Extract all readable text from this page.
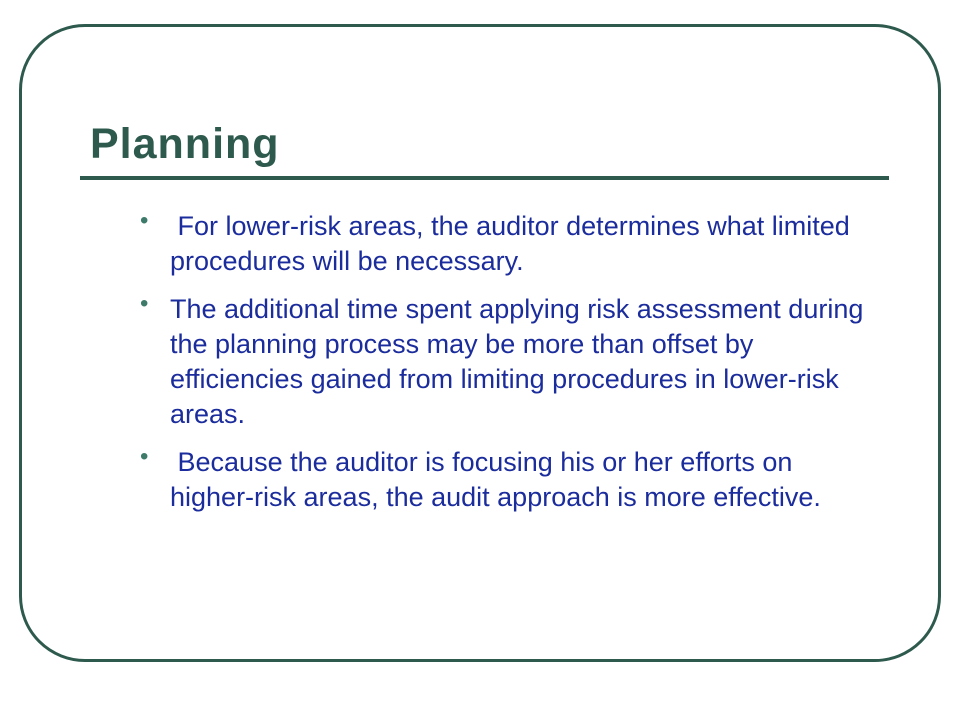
Planning
• For lower-risk areas, the auditor determines what limited procedures will be necessary.
• The additional time spent applying risk assessment during the planning process may be more than offset by efficiencies gained from limiting procedures in lower-risk areas.
• Because the auditor is focusing his or her efforts on higher-risk areas, the audit approach is more effective.
